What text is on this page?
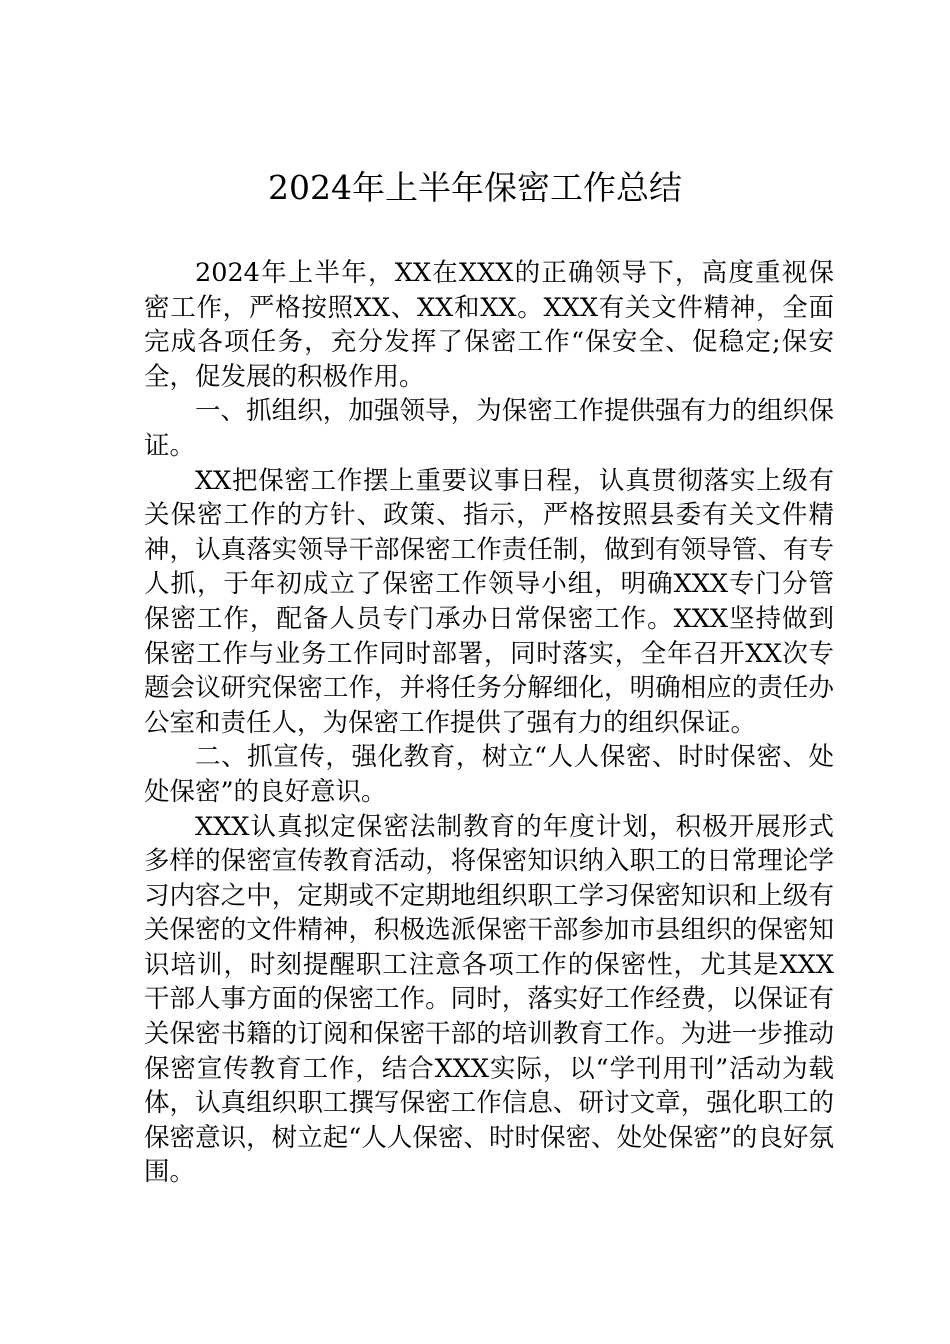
2024年上半年保密工作总结

2024年上半年，XX在XXX的正确领导下，高度重视保密工作，严格按照XX、XX和XX。XXX有关文件精神，全面完成各项任务，充分发挥了保密工作“保安全、促稳定;保安全，促发展的积极作用。

一、抓组织，加强领导，为保密工作提供强有力的组织保证。

XX把保密工作摆上重要议事日程，认真贯彻落实上级有关保密工作的方针、政策、指示，严格按照县委有关文件精神，认真落实领导干部保密工作责任制，做到有领导管、有专人抓，于年初成立了保密工作领导小组，明确XXX专门分管保密工作，配备人员专门承办日常保密工作。XXX坚持做到保密工作与业务工作同时部署，同时落实，全年召开XX次专题会议研究保密工作，并将任务分解细化，明确相应的责任办公室和责任人，为保密工作提供了强有力的组织保证。

二、抓宣传，强化教育，树立“人人保密、时时保密、处处保密”的良好意识。

XXX认真拟定保密法制教育的年度计划，积极开展形式多样的保密宣传教育活动，将保密知识纳入职工的日常理论学习内容之中，定期或不定期地组织职工学习保密知识和上级有关保密的文件精神，积极选派保密干部参加市县组织的保密知识培训，时刻提醒职工注意各项工作的保密性，尤其是XXX干部人事方面的保密工作。同时，落实好工作经费，以保证有关保密书籍的订阅和保密干部的培训教育工作。为进一步推动保密宣传教育工作，结合XXX实际，以“学刊用刊”活动为载体，认真组织职工撰写保密工作信息、研讨文章，强化职工的保密意识，树立起“人人保密、时时保密、处处保密”的良好氛围。
